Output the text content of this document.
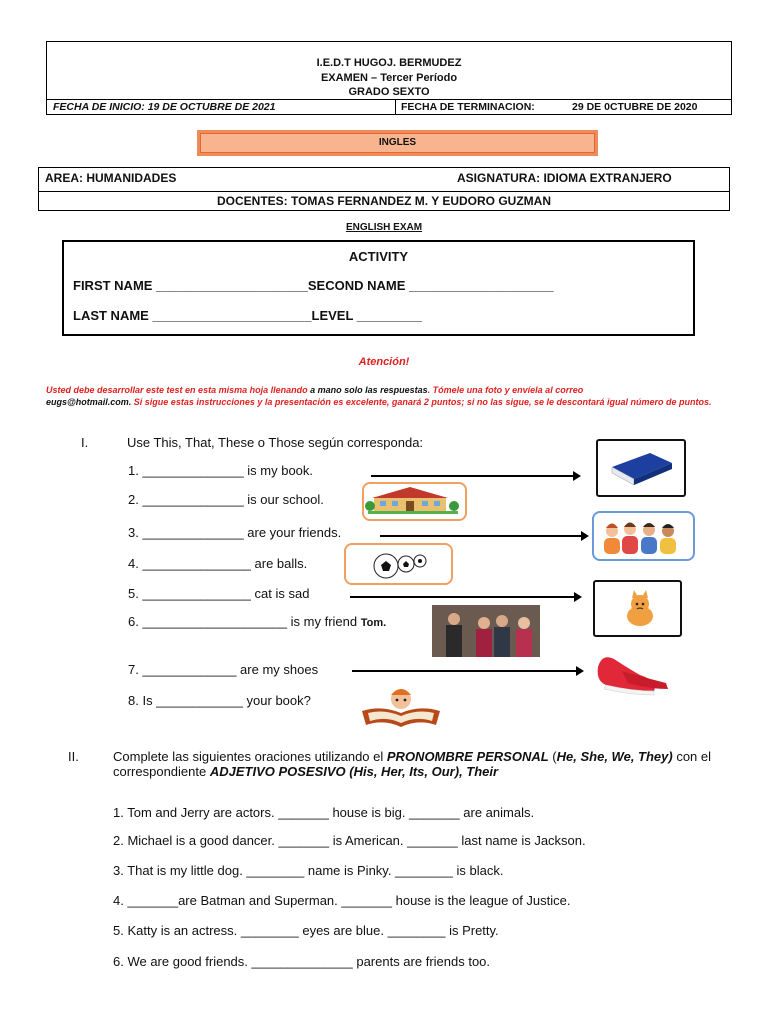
I.E.D.T HUGOJ. BERMUDEZ
EXAMEN – Tercer Período
GRADO SEXTO
FECHA DE INICIO: 19 DE OCTUBRE DE 2021	FECHA DE TERMINACION:	29 DE 0CTUBRE DE 2020
INGLES
AREA: HUMANIDADES	ASIGNATURA: IDIOMA EXTRANJERO
DOCENTES: TOMAS FERNANDEZ M. Y EUDORO GUZMAN
ENGLISH EXAM
ACTIVITY
FIRST NAME _____________________SECOND NAME ____________________
LAST NAME ______________________LEVEL _________
Atención!
Usted debe desarrollar este test en esta misma hoja llenando a mano solo las respuestas. Tómele una foto y envíela al correo
eugs@hotmail.com. Si sigue estas instrucciones y la presentación es excelente, ganará 2 puntos; si no las sigue, se le descontará igual número de puntos.
I.	Use This, That, These o Those según corresponda:
1. ______________ is my book.
2. ______________ is our school.
3. ______________ are your friends.
4. _______________ are balls.
5. _______________ cat is sad
6. ____________________ is my friend Tom.
7. _____________ are my shoes
8. Is ____________ your book?
II.	Complete las siguientes oraciones utilizando el PRONOMBRE PERSONAL (He, She, We, They) con el correspondiente ADJETIVO POSESIVO (His, Her, Its, Our), Their
1. Tom and Jerry are actors. _______ house is big. _______ are animals.
2. Michael is a good dancer. _______ is American. _______ last name is Jackson.
3. That is my little dog. ________ name is Pinky. ________ is black.
4. _______are Batman and Superman. _______ house is the league of Justice.
5. Katty is an actress. ________ eyes are blue. ________ is Pretty.
6. We are good friends. ______________ parents are friends too.
